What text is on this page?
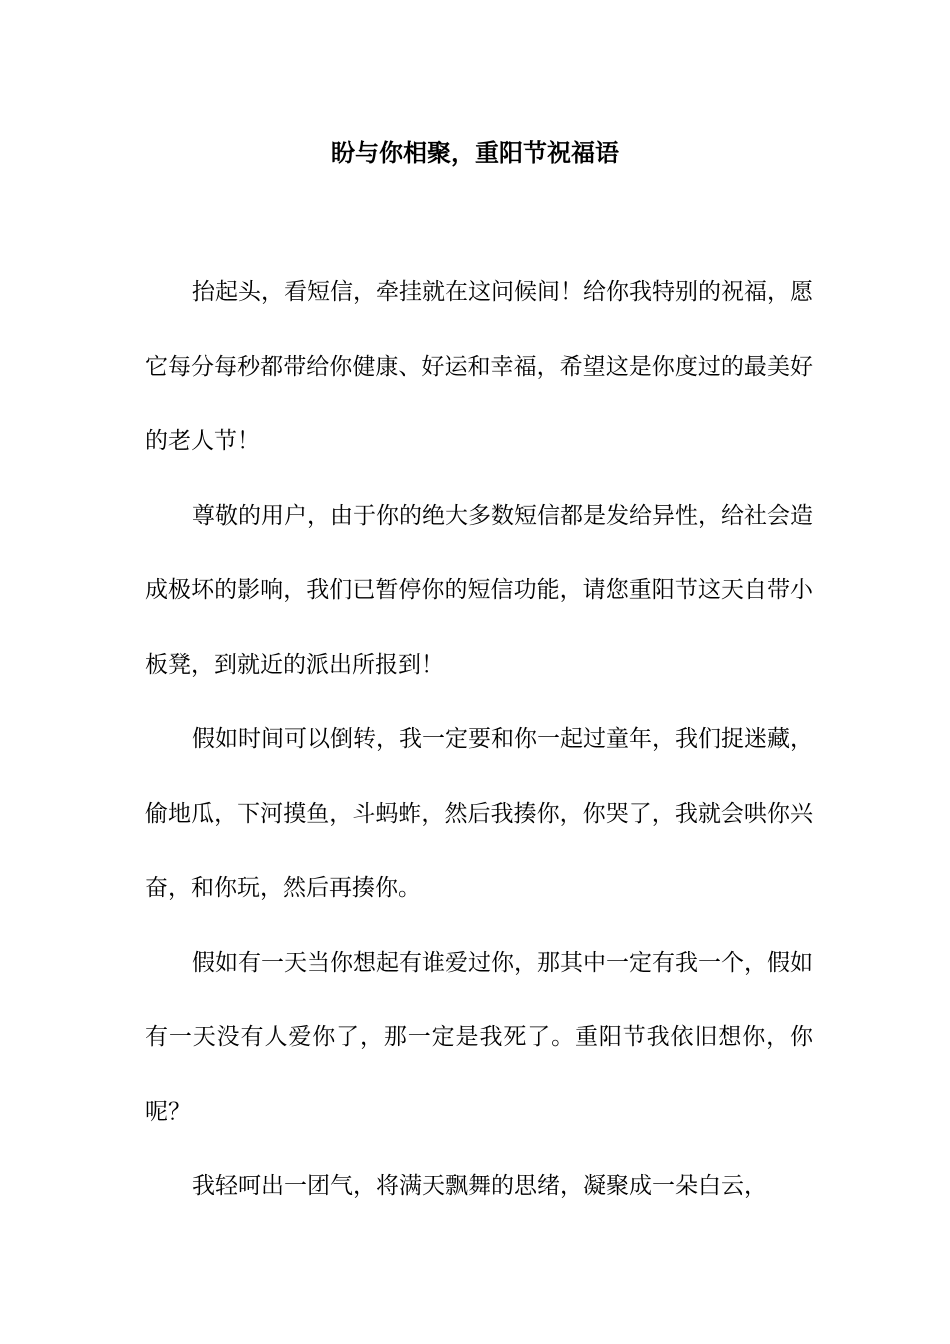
盼与你相聚，重阳节祝福语

抬起头，看短信，牵挂就在这问候间！给你我特别的祝福，愿它每分每秒都带给你健康、好运和幸福，希望这是你度过的最美好的老人节！

尊敬的用户，由于你的绝大多数短信都是发给异性，给社会造成极坏的影响，我们已暂停你的短信功能，请您重阳节这天自带小板凳，到就近的派出所报到！

假如时间可以倒转，我一定要和你一起过童年，我们捉迷藏，偷地瓜，下河摸鱼，斗蚂蚱，然后我揍你，你哭了，我就会哄你兴奋，和你玩，然后再揍你。

假如有一天当你想起有谁爱过你，那其中一定有我一个，假如有一天没有人爱你了，那一定是我死了。重阳节我依旧想你，你呢？

我轻呵出一团气，将满天飘舞的思绪，凝聚成一朵白云，
